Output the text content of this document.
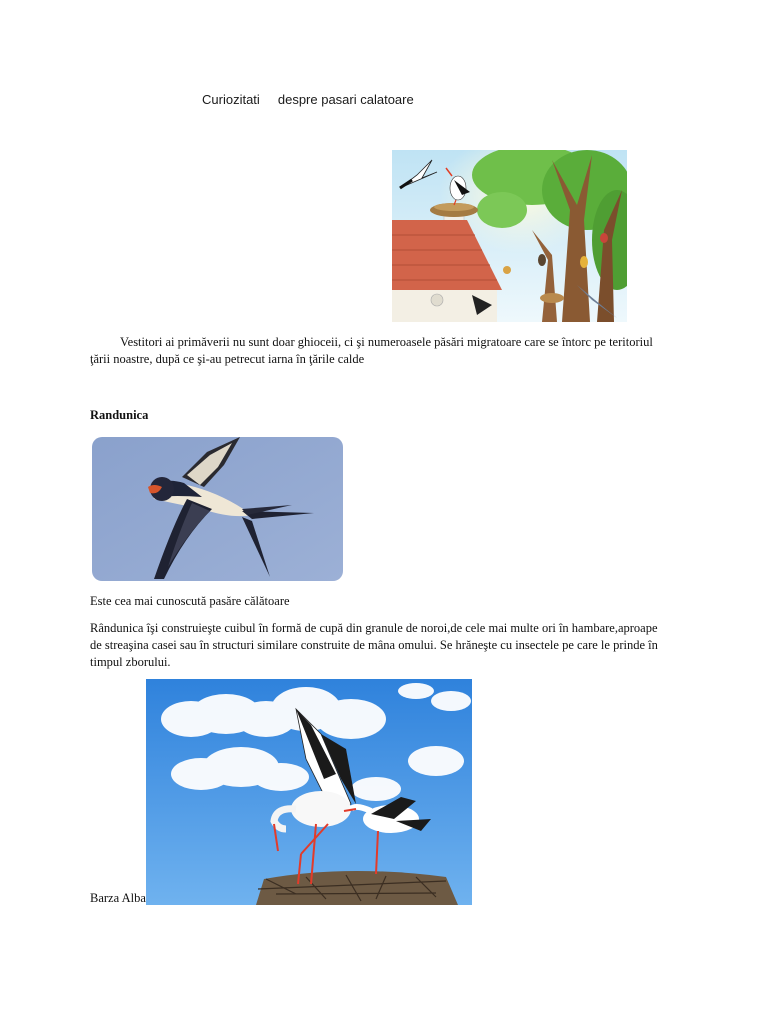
Curiozitati     despre pasari calatoare
Vestitori ai primăverii nu sunt doar ghioceii, ci şi numeroasele păsări migratoare care se întorc pe teritoriul ţării noastre, după ce şi-au petrecut iarna în ţările calde
Randunica
Este cea mai cunoscută pasăre călătoare
Rândunica îşi construieşte cuibul în formă de cupă din granule de noroi,de cele mai multe ori în hambare,aproape de streaşina casei sau în structuri similare construite de mâna omului. Se hrăneşte cu insectele pe care le prinde în timpul zborului.
Barza Alba
